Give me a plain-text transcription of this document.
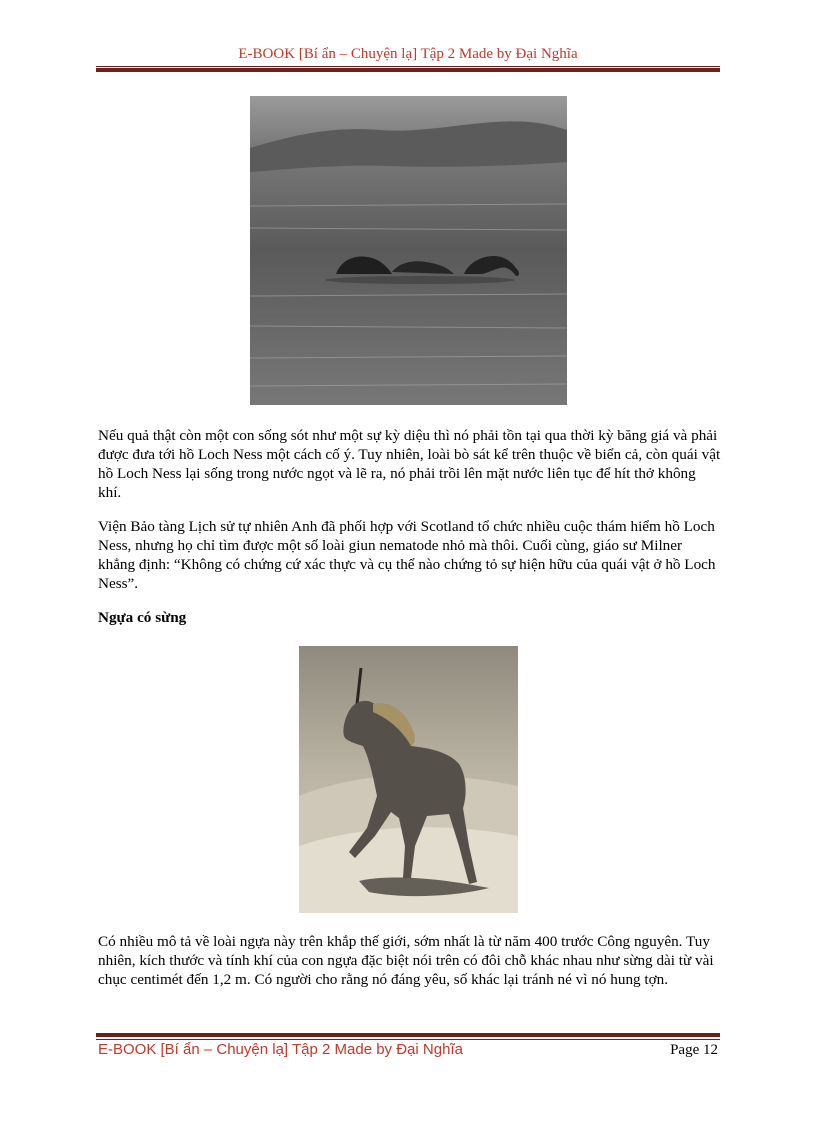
E-BOOK [Bí ẩn – Chuyện lạ] Tập 2 Made by Đại Nghĩa

Nếu quả thật còn một con sống sót như một sự kỳ diệu thì nó phải tồn tại qua thời kỳ băng giá và phải được đưa tới hồ Loch Ness một cách cố ý. Tuy nhiên, loài bò sát kể trên thuộc về biển cả, còn quái vật hồ Loch Ness lại sống trong nước ngọt và lẽ ra, nó phải trồi lên mặt nước liên tục để hít thở không khí.

Viện Bảo tàng Lịch sử tự nhiên Anh đã phối hợp với Scotland tổ chức nhiều cuộc thám hiểm hồ Loch Ness, nhưng họ chỉ tìm được một số loài giun nematode nhỏ mà thôi. Cuối cùng, giáo sư Milner khẳng định: “Không có chứng cứ xác thực và cụ thể nào chứng tỏ sự hiện hữu của quái vật ở hồ Loch Ness”.

Ngựa có sừng

Có nhiều mô tả về loài ngựa này trên khắp thế giới, sớm nhất là từ năm 400 trước Công nguyên. Tuy nhiên, kích thước và tính khí của con ngựa đặc biệt nói trên có đôi chỗ khác nhau như sừng dài từ vài chục centimét đến 1,2 m. Có người cho rằng nó đáng yêu, số khác lại tránh né vì nó hung tợn.

E-BOOK [Bí ẩn – Chuyện lạ] Tập 2 Made by Đại Nghĩa	Page 12
